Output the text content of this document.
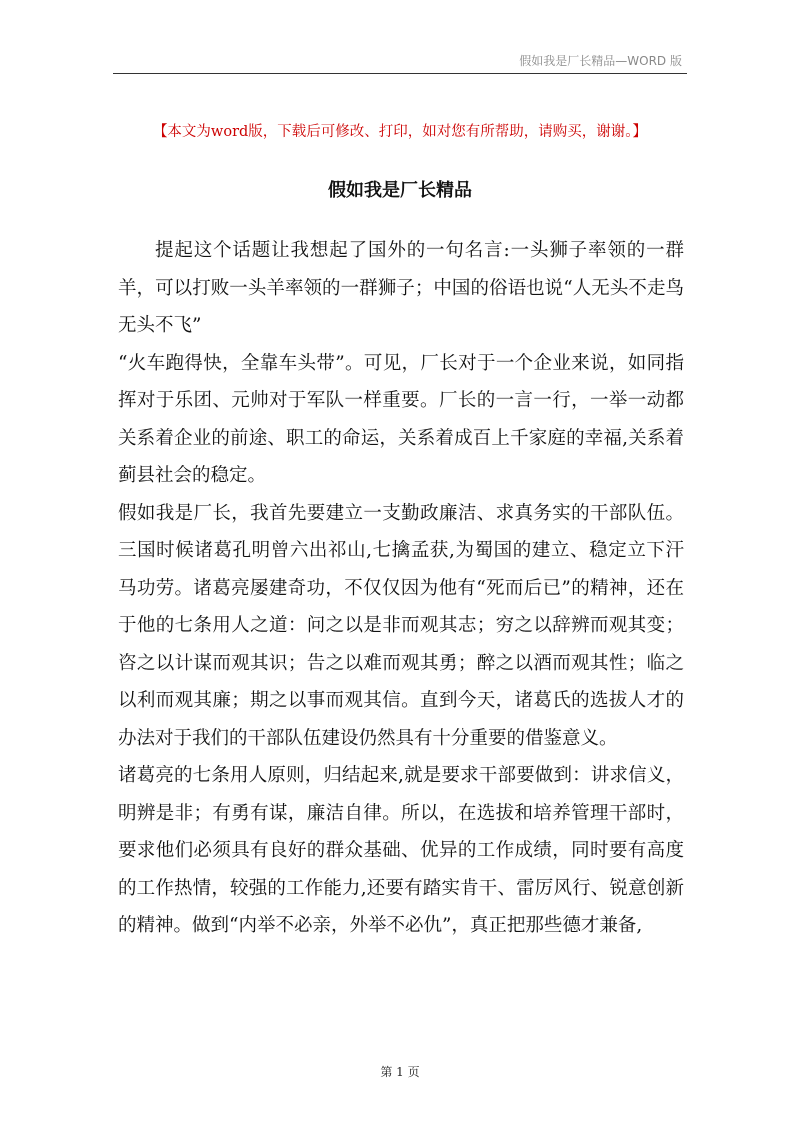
假如我是厂长精品—WORD 版
【本文为word版，下载后可修改、打印，如对您有所帮助，请购买，谢谢。】
假如我是厂长精品

提起这个话题让我想起了国外的一句名言:一头狮子率领的一群羊，可以打败一头羊率领的一群狮子；中国的俗语也说“人无头不走鸟无头不飞”

“火车跑得快，全靠车头带”。可见，厂长对于一个企业来说，如同指挥对于乐团、元帅对于军队一样重要。厂长的一言一行，一举一动都关系着企业的前途、职工的命运，关系着成百上千家庭的幸福,关系着蓟县社会的稳定。

假如我是厂长，我首先要建立一支勤政廉洁、求真务实的干部队伍。三国时候诸葛孔明曾六出祁山,七擒孟获,为蜀国的建立、稳定立下汗马功劳。诸葛亮屡建奇功，不仅仅因为他有“死而后已”的精神，还在于他的七条用人之道：问之以是非而观其志；穷之以辞辨而观其变；咨之以计谋而观其识；告之以难而观其勇；醉之以酒而观其性；临之以利而观其廉；期之以事而观其信。直到今天，诸葛氏的选拔人才的办法对于我们的干部队伍建设仍然具有十分重要的借鉴意义。

诸葛亮的七条用人原则，归结起来,就是要求干部要做到：讲求信义，明辨是非；有勇有谋，廉洁自律。所以，在选拔和培养管理干部时，要求他们必须具有良好的群众基础、优异的工作成绩，同时要有高度的工作热情，较强的工作能力,还要有踏实肯干、雷厉风行、锐意创新的精神。做到“内举不必亲，外举不必仇”，真正把那些德才兼备,

第 1 页
